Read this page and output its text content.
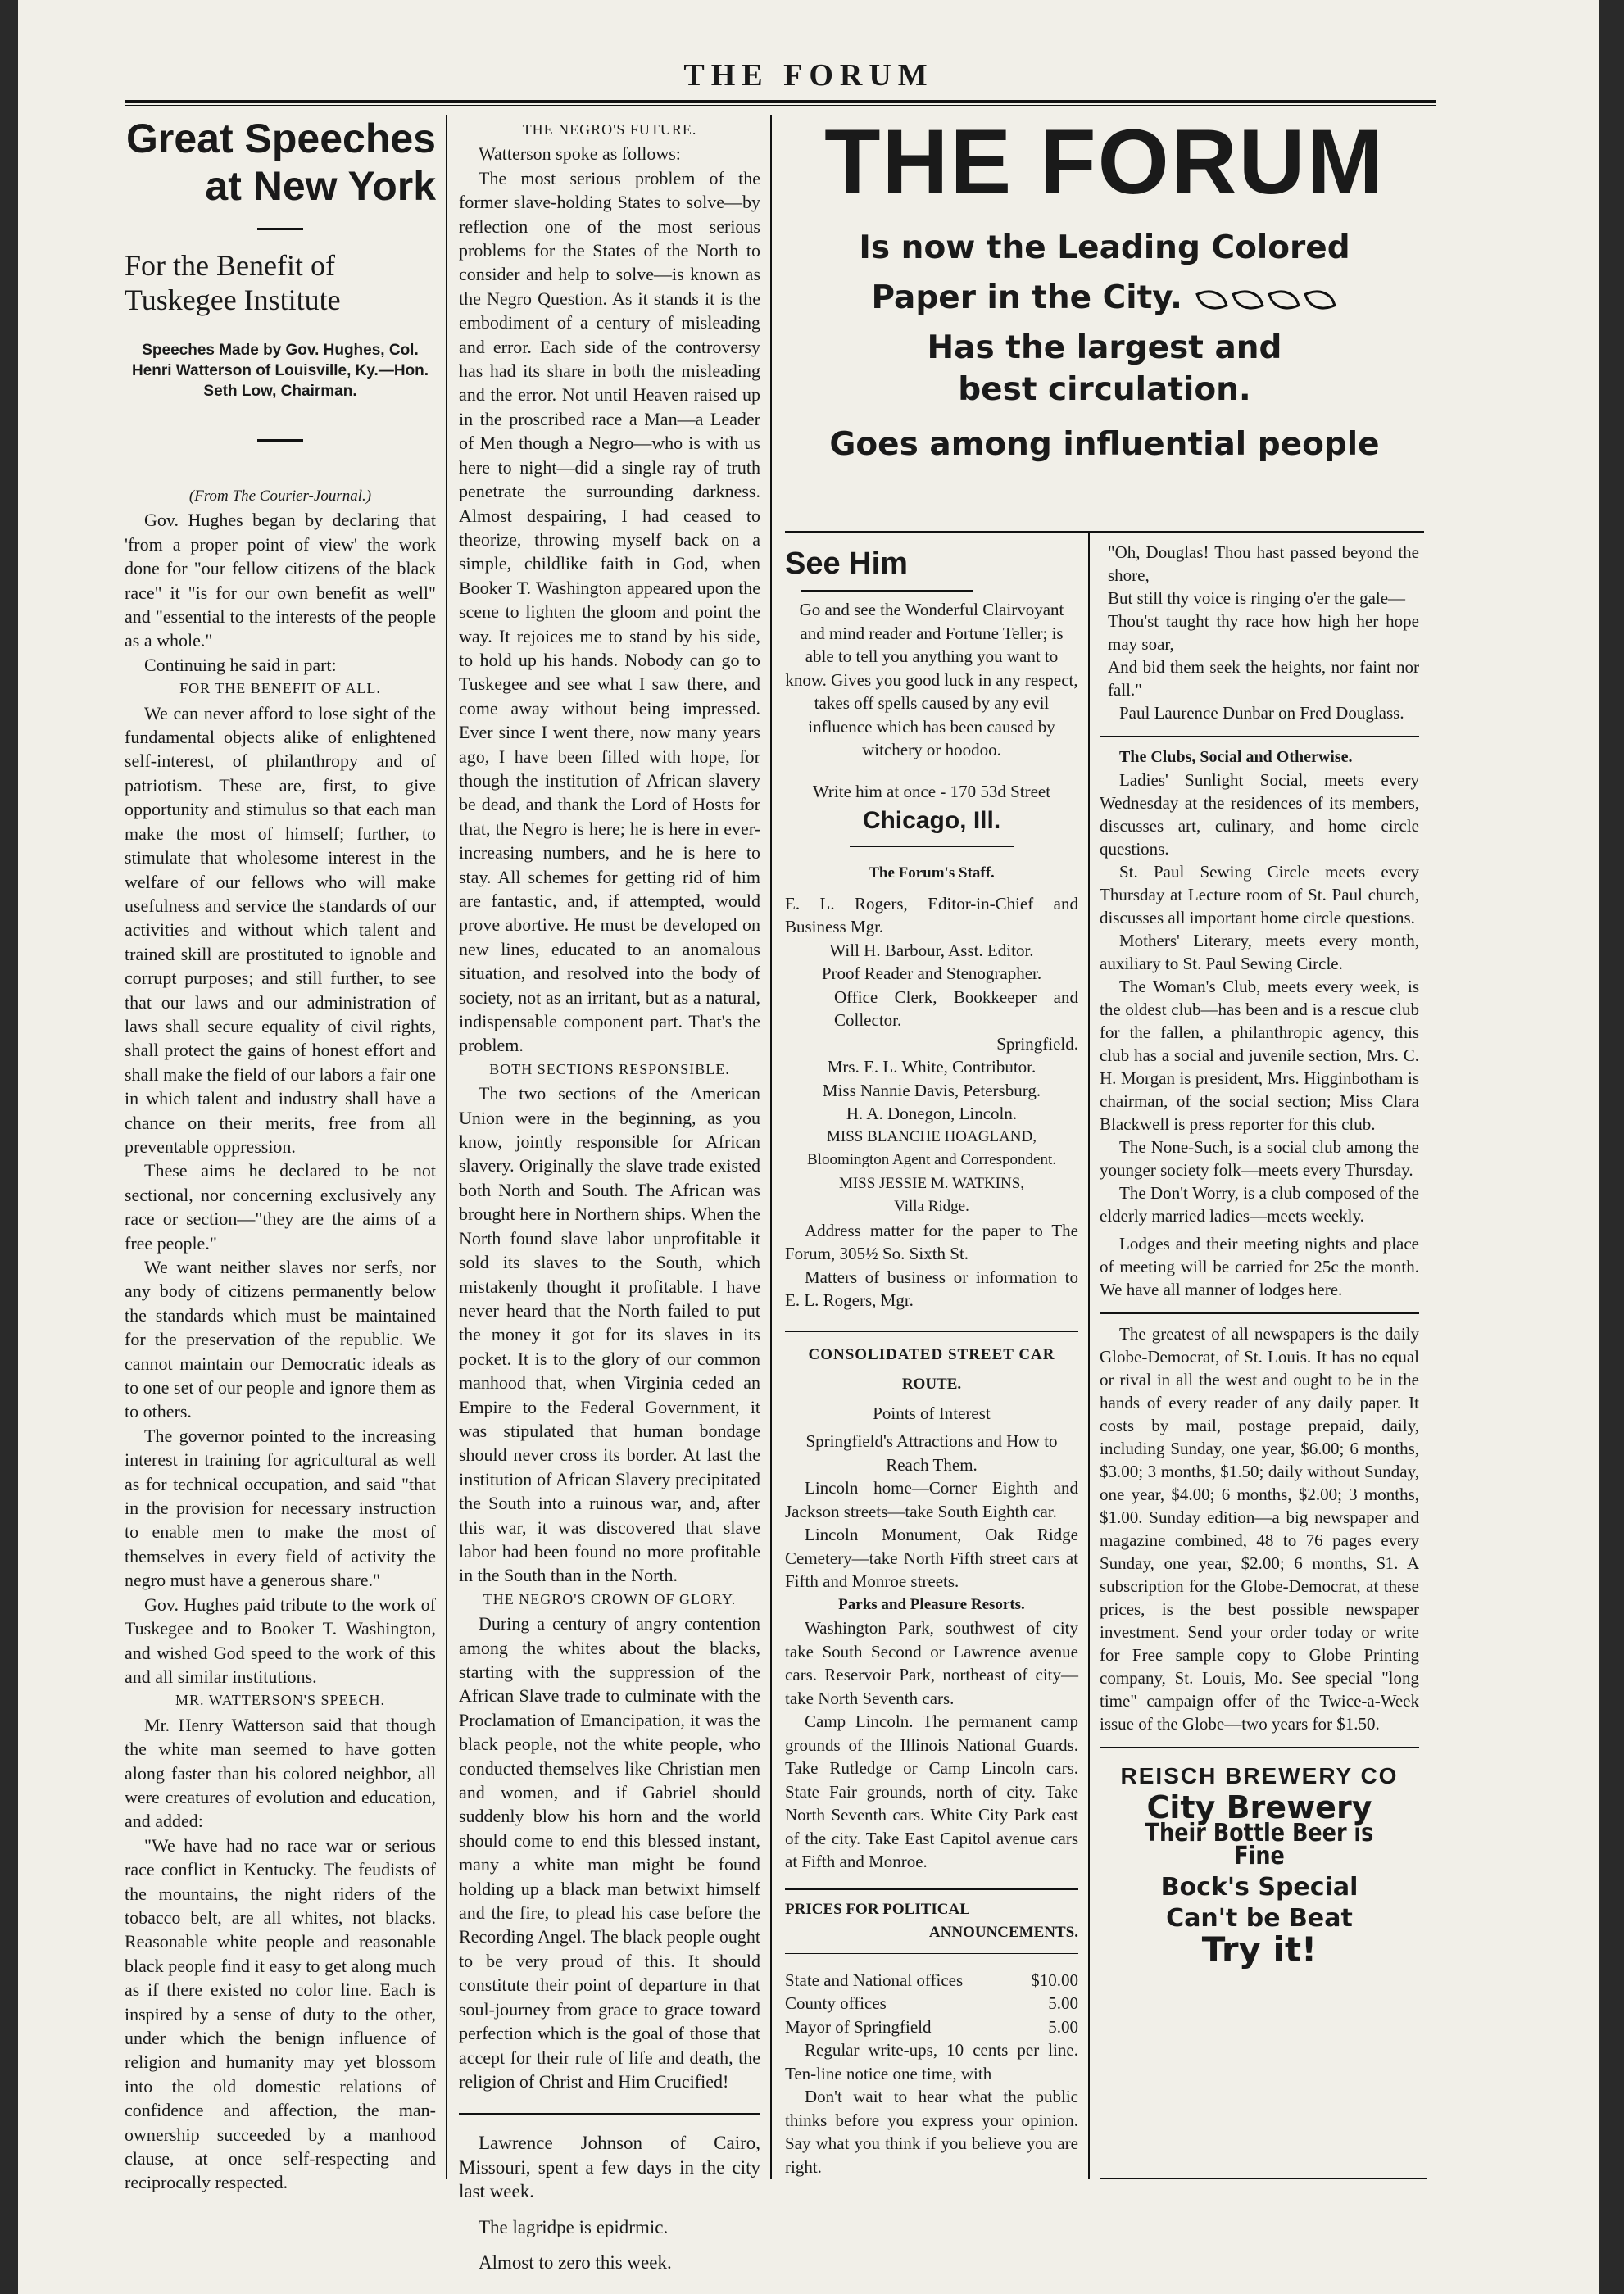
THE FORUM
Great Speeches
at New York
For the Benefit of Tuskegee Institute
Speeches Made by Gov. Hughes, Col. Henri Watterson of Louisville, Ky.—Hon. Seth Low, Chairman.
(From The Courier-Journal.)

Gov. Hughes began by declaring that 'from a proper point of view' the work done for "our fellow citizens of the black race" it "is for our own benefit as well" and "essential to the interests of the people as a whole."

Continuing he said in part:

FOR THE BENEFIT OF ALL.

We can never afford to lose sight of the fundamental objects alike of enlightened self-interest, of philanthropy and of patriotism. These are, first, to give opportunity and stimulus so that each man make the most of himself; further, to stimulate that wholesome interest in the welfare of our fellows who will make usefulness and service the standards of our activities and without which talent and trained skill are prostituted to ignoble and corrupt purposes; and still further, to see that our laws and our administration of laws shall secure equality of civil rights, shall protect the gains of honest effort and shall make the field of our labors a fair one in which talent and industry shall have a chance on their merits, free from all preventable oppression.

These aims he declared to be not sectional, nor concerning exclusively any race or section—"they are the aims of a free people."

We want neither slaves nor serfs, nor any body of citizens permanently below the standards which must be maintained for the preservation of the republic. We cannot maintain our Democratic ideals as to one set of our people and ignore them as to others.

The governor pointed to the increasing interest in training for agricultural as well as for technical occupation, and said "that in the provision for necessary instruction to enable men to make the most of themselves in every field of activity the negro must have a generous share."

Gov. Hughes paid tribute to the work of Tuskegee and to Booker T. Washington, and wished God speed to the work of this and all similar institutions.

MR. WATTERSON'S SPEECH.

Mr. Henry Watterson said that though the white man seemed to have gotten along faster than his colored neighbor, all were creatures of evolution and education, and added:

"We have had no race war or serious race conflict in Kentucky. The feudists of the mountains, the night riders of the tobacco belt, are all whites, not blacks. Reasonable white people and reasonable black people find it easy to get along much as if there existed no color line. Each is inspired by a sense of duty to the other, under which the benign influence of religion and humanity may yet blossom into the old domestic relations of confidence and affection, the man-ownership succeeded by a manhood clause, at once self-respecting and reciprocally respected.

THE NEGRO'S FUTURE.

Watterson spoke as follows:

The most serious problem of the former slave-holding States to solve—by reflection one of the most serious problems for the States of the North to consider and help to solve—is known as the Negro Question. As it stands it is the embodiment of a century of misleading and error. Each side of the controversy has had its share in both the misleading and the error. Not until Heaven raised up in the proscribed race a Man—a Leader of Men though a Negro—who is with us here to night—did a single ray of truth penetrate the surrounding darkness. Almost despairing, I had ceased to theorize, throwing myself back on a simple, childlike faith in God, when Booker T. Washington appeared upon the scene to lighten the gloom and point the way. It rejoices me to stand by his side, to hold up his hands. Nobody can go to Tuskegee and see what I saw there, and come away without being impressed. Ever since I went there, now many years ago, I have been filled with hope, for though the institution of African slavery be dead, and thank the Lord of Hosts for that, the Negro is here; he is here in ever-increasing numbers, and he is here to stay. All schemes for getting rid of him are fantastic, and, if attempted, would prove abortive. He must be developed on new lines, educated to an anomalous situation, and resolved into the body of society, not as an irritant, but as a natural, indispensable component part. That's the problem.

BOTH SECTIONS RESPONSIBLE.

The two sections of the American Union were in the beginning, as you know, jointly responsible for African slavery. Originally the slave trade existed both North and South. The African was brought here in Northern ships. When the North found slave labor unprofitable it sold its slaves to the South, which mistakenly thought it profitable. I have never heard that the North failed to put the money it got for its slaves in its pocket. It is to the glory of our common manhood that, when Virginia ceded an Empire to the Federal Government, it was stipulated that human bondage should never cross its border. At last the institution of African Slavery precipitated the South into a ruinous war, and, after this war, it was discovered that slave labor had been found no more profitable in the South than in the North.

THE NEGRO'S CROWN OF GLORY.

During a century of angry contention among the whites about the blacks, starting with the suppression of the African Slave trade to culminate with the Proclamation of Emancipation, it was the black people, not the white people, who conducted themselves like Christian men and women, and if Gabriel should suddenly blow his horn and the world should come to end this blessed instant, many a white man might be found holding up a black man betwixt himself and the fire, to plead his case before the Recording Angel. The black people ought to be very proud of this. It should constitute their point of departure in that soul-journey from grace to grace toward perfection which is the goal of those that accept for their rule of life and death, the religion of Christ and Him Crucified!

Lawrence Johnson of Cairo, Missouri, spent a few days in the city last week.

The lagridpe is epidrmic.

Almost to zero this week.

THE FORUM
Is now the Leading Colored
Paper in the City.
Has the largest and
best circulation.
Goes among influential people
See Him

Go and see the Wonderful Clairvoyant and mind reader and Fortune Teller; is able to tell you anything you want to know. Gives you good luck in any respect, takes off spells caused by any evil influence which has been caused by witchery or hoodoo.

Write him at once - 170 53d Street

Chicago, Ill.

The Forum's Staff.

E. L. Rogers, Editor-in-Chief and Business Mgr.

Will H. Barbour, Asst. Editor.

Proof Reader and Stenographer.

Office Clerk, Bookkeeper and Collector.

Springfield.

Mrs. E. L. White, Contributor.

Miss Nannie Davis, Petersburg.

H. A. Donegon, Lincoln.

MISS BLANCHE HOAGLAND,

Bloomington Agent and Correspondent.

MISS JESSIE M. WATKINS,

Villa Ridge.

Address matter for the paper to The Forum, 305½ So. Sixth St.

Matters of business or information to E. L. Rogers, Mgr.

CONSOLIDATED STREET CAR

ROUTE.

Points of Interest

Springfield's Attractions and How to Reach Them.

Lincoln home—Corner Eighth and Jackson streets—take South Eighth car.

Lincoln Monument, Oak Ridge Cemetery—take North Fifth street cars at Fifth and Monroe streets.

Parks and Pleasure Resorts.

Washington Park, southwest of city take South Second or Lawrence avenue cars. Reservoir Park, northeast of city—take North Seventh cars.

Camp Lincoln. The permanent camp grounds of the Illinois National Guards. Take Rutledge or Camp Lincoln cars. State Fair grounds, north of city. Take North Seventh cars. White City Park east of the city. Take East Capitol avenue cars at Fifth and Monroe.

PRICES FOR POLITICAL

ANNOUNCEMENTS.

State and National offices	$10.00
County offices	5.00
Mayor of Springfield	5.00

Regular write-ups, 10 cents per line. Ten-line notice one time, with

Don't wait to hear what the public thinks before you express your opinion. Say what you think if you believe you are right.

"Oh, Douglas! Thou hast passed beyond the shore,

But still thy voice is ringing o'er the gale—

Thou'st taught thy race how high her hope may soar,

And bid them seek the heights, nor faint nor fall."

Paul Laurence Dunbar on Fred Douglass.

The Clubs, Social and Otherwise.

Ladies' Sunlight Social, meets every Wednesday at the residences of its members, discusses art, culinary, and home circle questions.

St. Paul Sewing Circle meets every Thursday at Lecture room of St. Paul church, discusses all important home circle questions.

Mothers' Literary, meets every month, auxiliary to St. Paul Sewing Circle.

The Woman's Club, meets every week, is the oldest club—has been and is a rescue club for the fallen, a philanthropic agency, this club has a social and juvenile section, Mrs. C. H. Morgan is president, Mrs. Higginbotham is chairman, of the social section; Miss Clara Blackwell is press reporter for this club.

The None-Such, is a social club among the younger society folk—meets every Thursday.

The Don't Worry, is a club composed of the elderly married ladies—meets weekly.

Lodges and their meeting nights and place of meeting will be carried for 25c the month. We have all manner of lodges here.

The greatest of all newspapers is the daily Globe-Democrat, of St. Louis. It has no equal or rival in all the west and ought to be in the hands of every reader of any daily paper. It costs by mail, postage prepaid, daily, including Sunday, one year, $6.00; 6 months, $3.00; 3 months, $1.50; daily without Sunday, one year, $4.00; 6 months, $2.00; 3 months, $1.00. Sunday edition—a big newspaper and magazine combined, 48 to 76 pages every Sunday, one year, $2.00; 6 months, $1. A subscription for the Globe-Democrat, at these prices, is the best possible newspaper investment. Send your order today or write for Free sample copy to Globe Printing company, St. Louis, Mo. See special "long time" campaign offer of the Twice-a-Week issue of the Globe—two years for $1.50.

REISCH BREWERY CO
City Brewery
Their Bottle Beer is Fine
Bock's Special
Can't be Beat
Try it!
